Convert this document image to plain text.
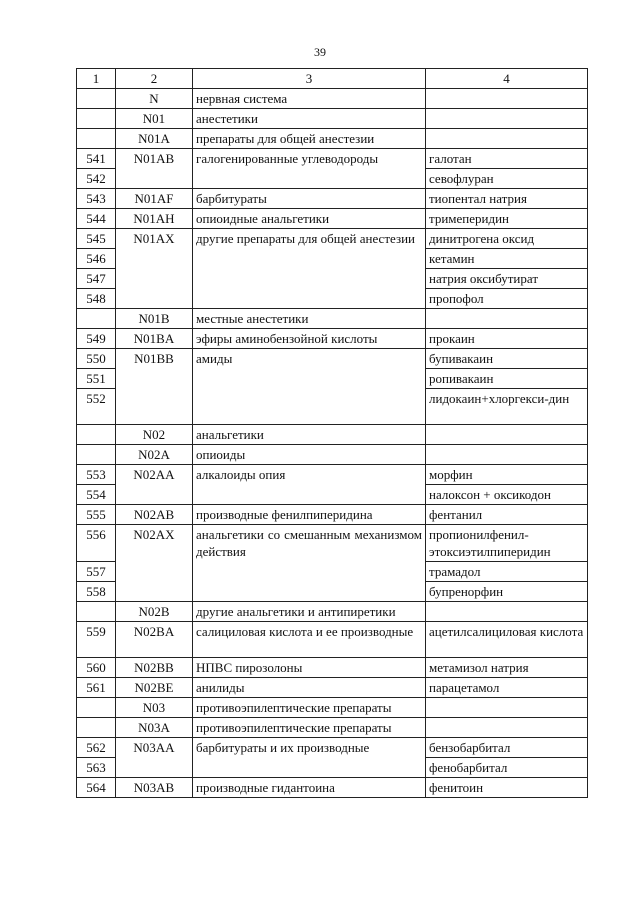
39
1	2	3	4
	N	нервная система	
	N01	анестетики	
	N01A	препараты для общей анестезии	
541	N01AB	галогенированные углеводороды	галотан
542			севофлуран
543	N01AF	барбитураты	тиопентал натрия
544	N01AH	опиоидные анальгетики	тримеперидин
545	N01AX	другие препараты для общей анестезии	динитрогена оксид
546			кетамин
547			натрия оксибутират
548			пропофол
	N01B	местные анестетики	
549	N01BA	эфиры аминобензойной кислоты	прокаин
550	N01BB	амиды	бупивакаин
551			ропивакаин
552			лидокаин+хлоргекси-дин
	N02	анальгетики	
	N02A	опиоиды	
553	N02AA	алкалоиды опия	морфин
554			налоксон + оксикодон
555	N02AB	производные фенилпиперидина	фентанил
556	N02AX	анальгетики со смешанным механизмом действия	пропионилфенил-этоксиэтилпиперидин
557			трамадол
558			бупренорфин
	N02B	другие анальгетики и антипиретики	
559	N02BA	салициловая кислота и ее производные	ацетилсалициловая кислота
560	N02BB	НПВС пирозолоны	метамизол натрия
561	N02BE	анилиды	парацетамол
	N03	противоэпилептические препараты	
	N03A	противоэпилептические препараты	
562	N03AA	барбитураты и их производные	бензобарбитал
563			фенобарбитал
564	N03AB	производные гидантоина	фенитоин
